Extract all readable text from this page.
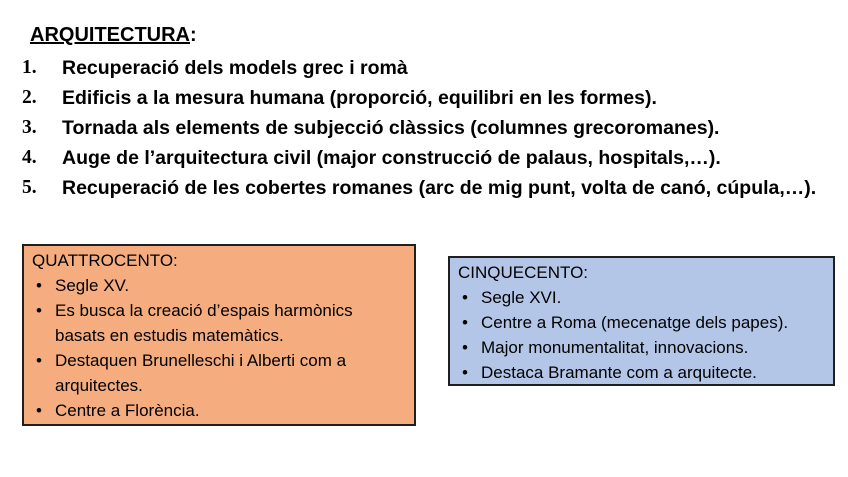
ARQUITECTURA:
1. Recuperació dels models grec i romà
2. Edificis a la mesura humana (proporció, equilibri en les formes).
3. Tornada als elements de subjecció clàssics (columnes grecoromanes).
4. Auge de l’arquitectura civil (major construcció de palaus, hospitals,…).
5. Recuperació de les cobertes romanes (arc de mig punt, volta de canó, cúpula,…).
QUATTROCENTO:
• Segle XV.
• Es busca la creació d’espais harmònics basats en estudis matemàtics.
• Destaquen Brunelleschi i Alberti com a arquitectes.
• Centre a Florència.
CINQUECENTO:
• Segle XVI.
• Centre a Roma (mecenatge dels papes).
• Major monumentalitat, innovacions.
• Destaca Bramante com a arquitecte.
